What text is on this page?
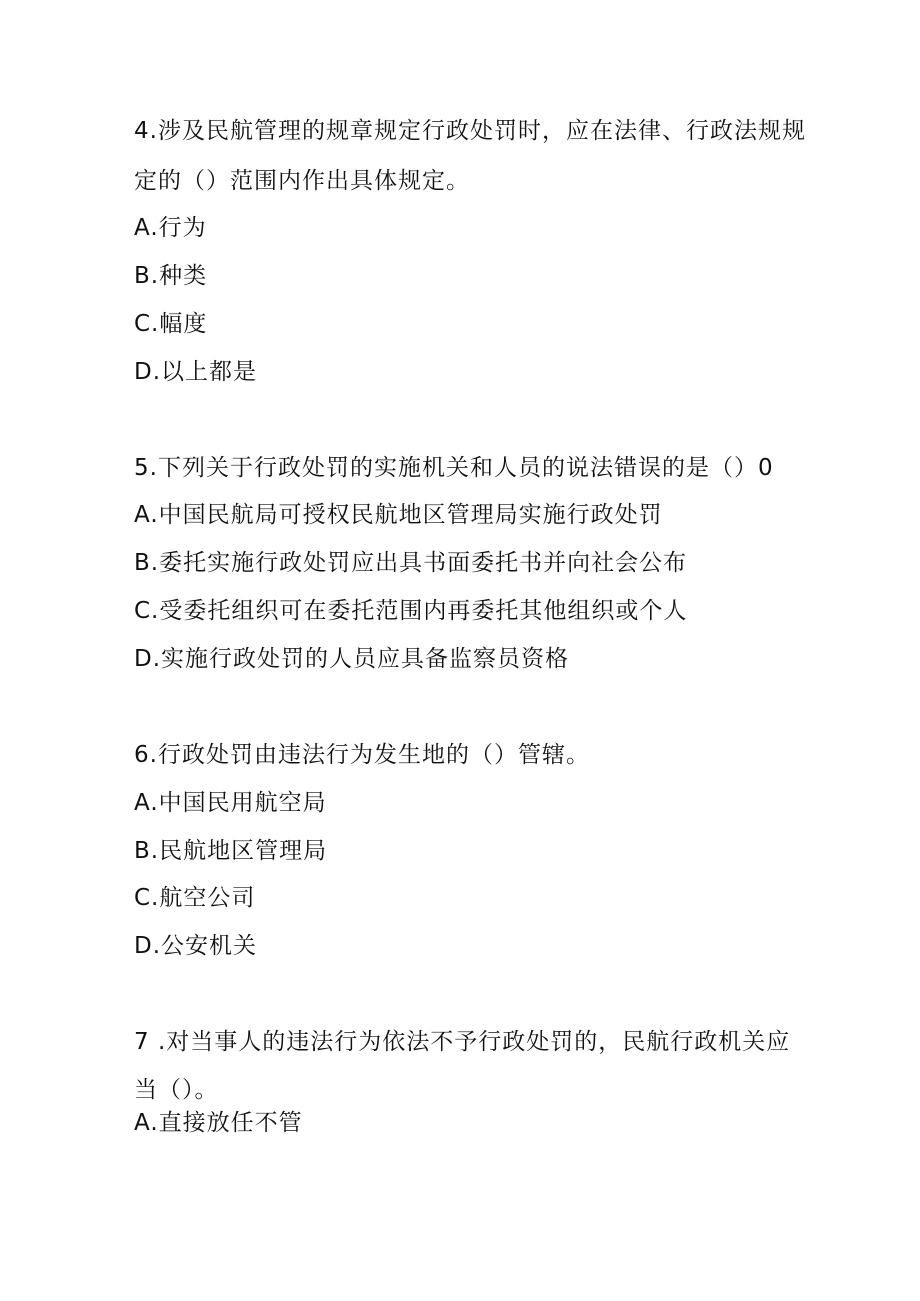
4.涉及民航管理的规章规定行政处罚时，应在法律、行政法规规
定的（）范围内作出具体规定。
A.行为
B.种类
C.幅度
D.以上都是
5.下列关于行政处罚的实施机关和人员的说法错误的是（）0
A.中国民航局可授权民航地区管理局实施行政处罚
B.委托实施行政处罚应出具书面委托书并向社会公布
C.受委托组织可在委托范围内再委托其他组织或个人
D.实施行政处罚的人员应具备监察员资格
6.行政处罚由违法行为发生地的（）管辖。
A.中国民用航空局
B.民航地区管理局
C.航空公司
D.公安机关
7 .对当事人的违法行为依法不予行政处罚的，民航行政机关应
当（）。
A.直接放任不管
